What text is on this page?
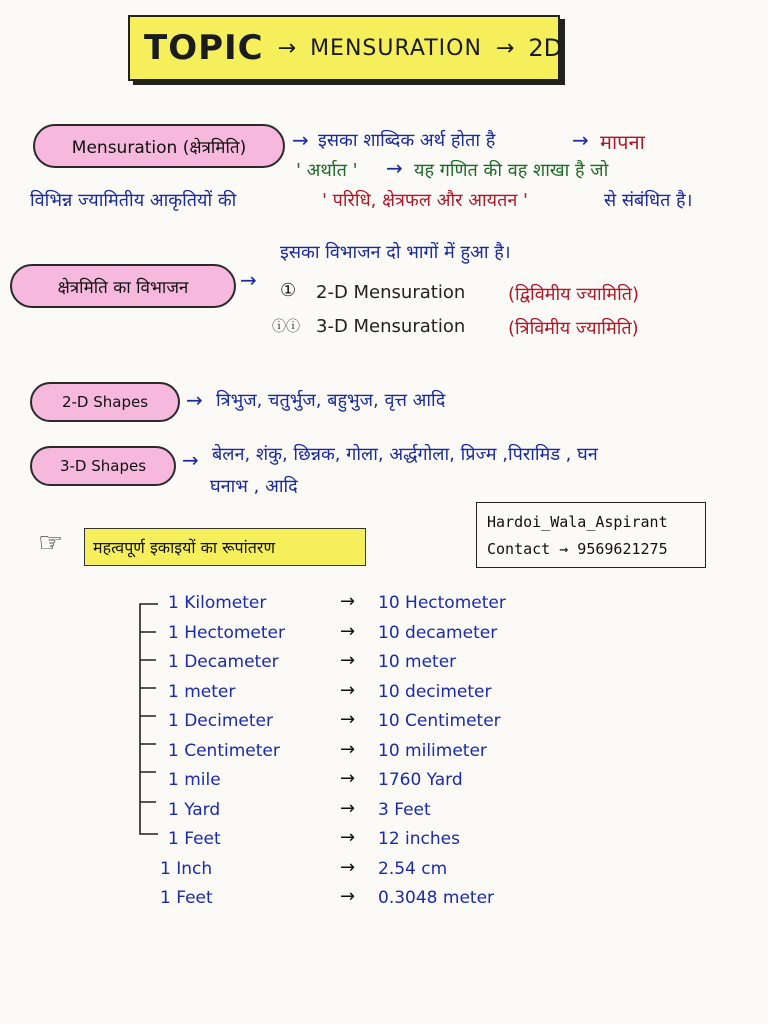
TOPIC → MENSURATION → 2D
Mensuration (क्षेत्रमिति) → इसका शाब्दिक अर्थ होता है	→ मापना
' अर्थात ' → यह गणित की वह शाखा है जो
विभिन्न ज्यामितीय आकृतियों की	' परिधि, क्षेत्रफल और आयतन '	से संबंधित है।
इसका विभाजन दो भागों में हुआ है।
क्षेत्रमिति का विभाजन	→ ① 2-D Mensuration (द्विविमीय ज्यामिति)
ⓘⓘ 3-D Mensuration (त्रिविमीय ज्यामिति)
2-D Shapes → त्रिभुज, चतुर्भुज, बहुभुज, वृत्त आदि
3-D Shapes → बेलन, शंकु, छिन्नक, गोला, अर्द्धगोला, प्रिज्म ,पिरामिड , घन
घनाभ , आदि
☞ महत्वपूर्ण इकाइयों का रूपांतरण
Hardoi_Wala_Aspirant
Contact → 9569621275
1 Kilometer	→ 10 Hectometer
1 Hectometer	→ 10 decameter
1 Decameter	→ 10 meter
1 meter	→ 10 decimeter
1 Decimeter	→ 10 Centimeter
1 Centimeter	→ 10 milimeter
1 mile	→ 1760 Yard
1 Yard	→ 3 Feet
1 Feet	→ 12 inches
1 Inch	→ 2.54 cm
1 Feet	→ 0.3048 meter
